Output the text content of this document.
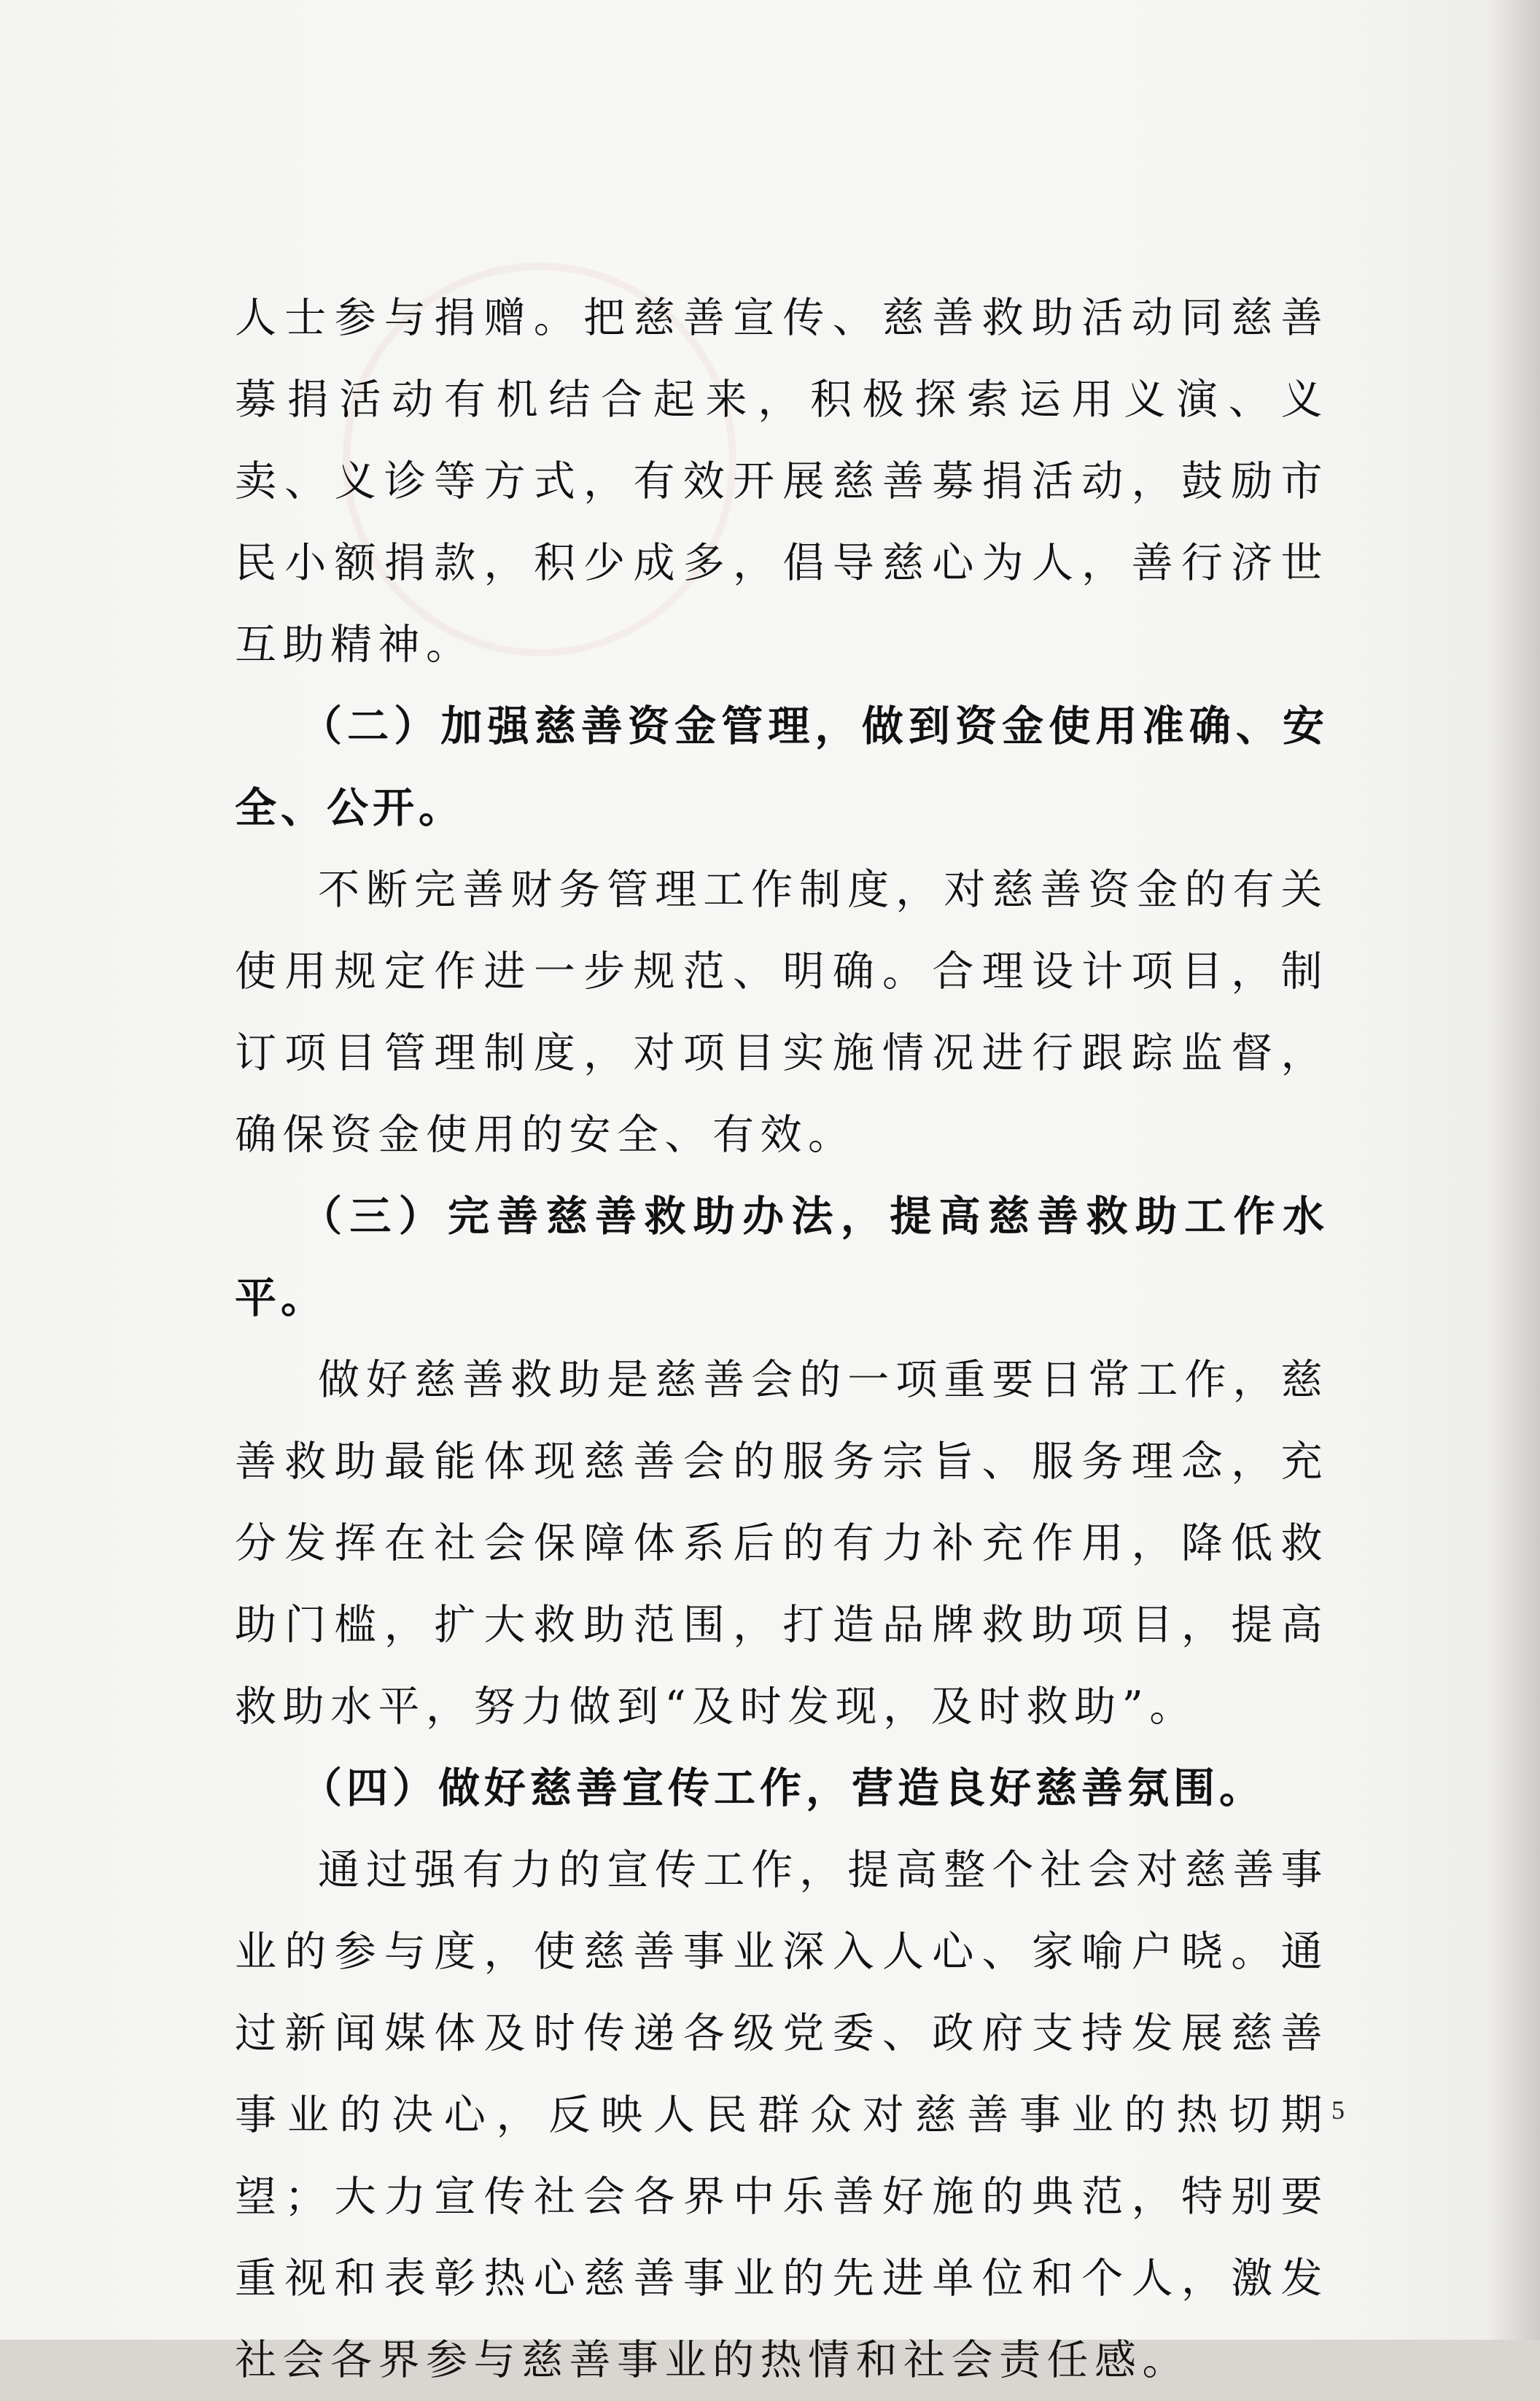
人士参与捐赠。把慈善宣传、慈善救助活动同慈善募捐活动有机结合起来，积极探索运用义演、义卖、义诊等方式，有效开展慈善募捐活动，鼓励市民小额捐款，积少成多，倡导慈心为人，善行济世互助精神。

（二）加强慈善资金管理，做到资金使用准确、安全、公开。

不断完善财务管理工作制度，对慈善资金的有关使用规定作进一步规范、明确。合理设计项目，制订项目管理制度，对项目实施情况进行跟踪监督，确保资金使用的安全、有效。

（三）完善慈善救助办法，提高慈善救助工作水平。

做好慈善救助是慈善会的一项重要日常工作，慈善救助最能体现慈善会的服务宗旨、服务理念，充分发挥在社会保障体系后的有力补充作用，降低救助门槛，扩大救助范围，打造品牌救助项目，提高救助水平，努力做到“及时发现，及时救助”。

（四）做好慈善宣传工作，营造良好慈善氛围。

通过强有力的宣传工作，提高整个社会对慈善事业的参与度，使慈善事业深入人心、家喻户晓。通过新闻媒体及时传递各级党委、政府支持发展慈善事业的决心，反映人民群众对慈善事业的热切期望；大力宣传社会各界中乐善好施的典范，特别要重视和表彰热心慈善事业的先进单位和个人，激发社会各界参与慈善事业的热情和社会责任感。

5
